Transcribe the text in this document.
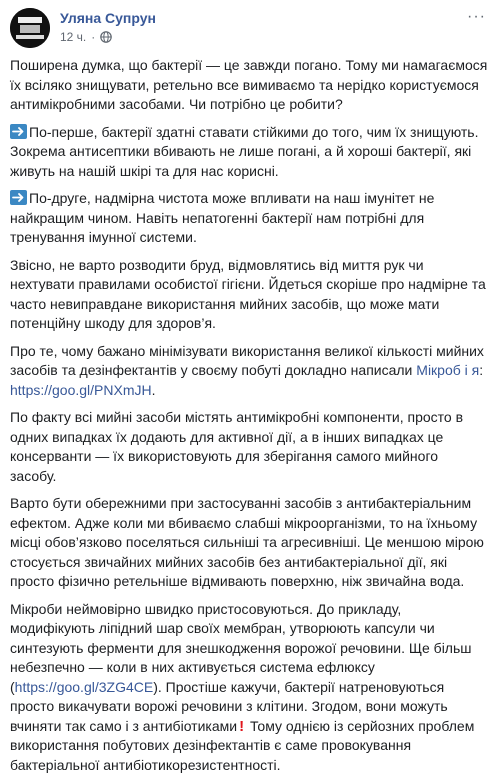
Уляна Супрун
12 ч. ·
···

Поширена думка, що бактерії — це завжди погано. Тому ми намагаємося їх всіляко знищувати, ретельно все вимиваємо та нерідко користуємося антимікробними засобами. Чи потрібно це робити?

По-перше, бактерії здатні ставати стійкими до того, чим їх знищують. Зокрема антисептики вбивають не лише погані, а й хороші бактерії, які живуть на нашій шкірі та для нас корисні.

По-друге, надмірна чистота може впливати на наш імунітет не найкращим чином. Навіть непатогенні бактерії нам потрібні для тренування імунної системи.

Звісно, не варто розводити бруд, відмовлятись від миття рук чи нехтувати правилами особистої гігієни. Йдеться скоріше про надмірне та часто невиправдане використання мийних засобів, що може мати потенційну шкоду для здоров’я.

Про те, чому бажано мінімізувати використання великої кількості мийних засобів та дезінфектантів у своєму побуті докладно написали Мікроб і я: https://goo.gl/PNXmJH.

По факту всі мийні засоби містять антимікробні компоненти, просто в одних випадках їх додають для активної дії, а в інших випадках це консерванти — їх використовують для зберігання самого мийного засобу.

Варто бути обережними при застосуванні засобів з антибактеріальним ефектом. Адже коли ми вбиваємо слабші мікроорганізми, то на їхньому місці обов’язково поселяться сильніші та агресивніші. Це меншою мірою стосується звичайних мийних засобів без антибактеріальної дії, які просто фізично ретельніше відмивають поверхню, ніж звичайна вода.

Мікроби неймовірно швидко пристосовуються. До прикладу, модифікують ліпідний шар своїх мембран, утворюють капсули чи синтезують ферменти для знешкодження ворожої речовини. Ще більш небезпечно — коли в них активується система ефлюксу (https://goo.gl/3ZG4CE). Простіше кажучи, бактерії натреновуються просто викачувати ворожі речовини з клітини. Згодом, вони можуть вчиняти так само і з антибіотиками ! Тому однією із серйозних проблем використання побутових дезінфектантів є саме провокування бактеріальної антибіотикорезистентності.
